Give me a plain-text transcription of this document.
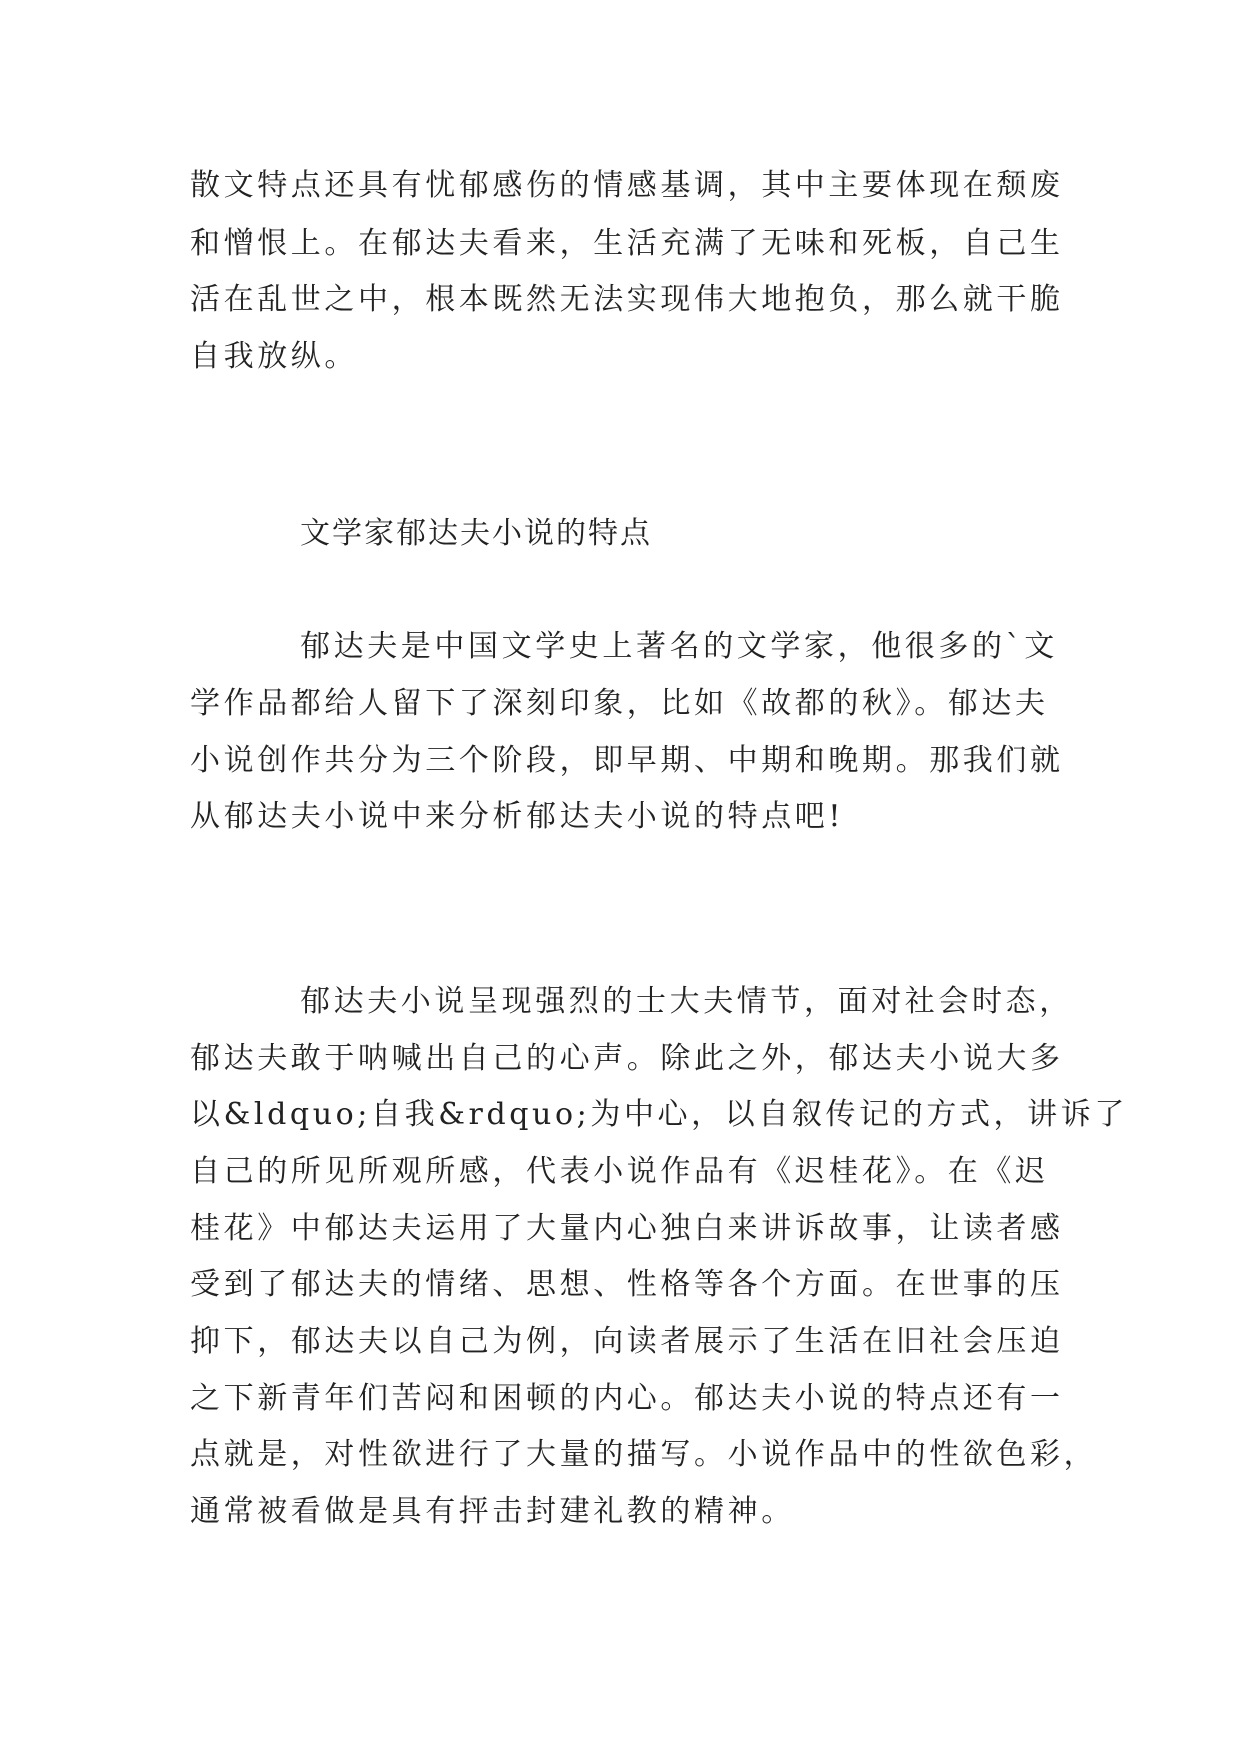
散文特点还具有忧郁感伤的情感基调，其中主要体现在颓废
和憎恨上。在郁达夫看来，生活充满了无味和死板，自己生
活在乱世之中，根本既然无法实现伟大地抱负，那么就干脆
自我放纵。
文学家郁达夫小说的特点
郁达夫是中国文学史上著名的文学家，他很多的`文
学作品都给人留下了深刻印象，比如《故都的秋》。郁达夫
小说创作共分为三个阶段，即早期、中期和晚期。那我们就
从郁达夫小说中来分析郁达夫小说的特点吧!
郁达夫小说呈现强烈的士大夫情节，面对社会时态，
郁达夫敢于呐喊出自己的心声。除此之外，郁达夫小说大多
以&ldquo;自我&rdquo;为中心，以自叙传记的方式，讲诉了
自己的所见所观所感，代表小说作品有《迟桂花》。在《迟
桂花》中郁达夫运用了大量内心独白来讲诉故事，让读者感
受到了郁达夫的情绪、思想、性格等各个方面。在世事的压
抑下，郁达夫以自己为例，向读者展示了生活在旧社会压迫
之下新青年们苦闷和困顿的内心。郁达夫小说的特点还有一
点就是，对性欲进行了大量的描写。小说作品中的性欲色彩，
通常被看做是具有抨击封建礼教的精神。
